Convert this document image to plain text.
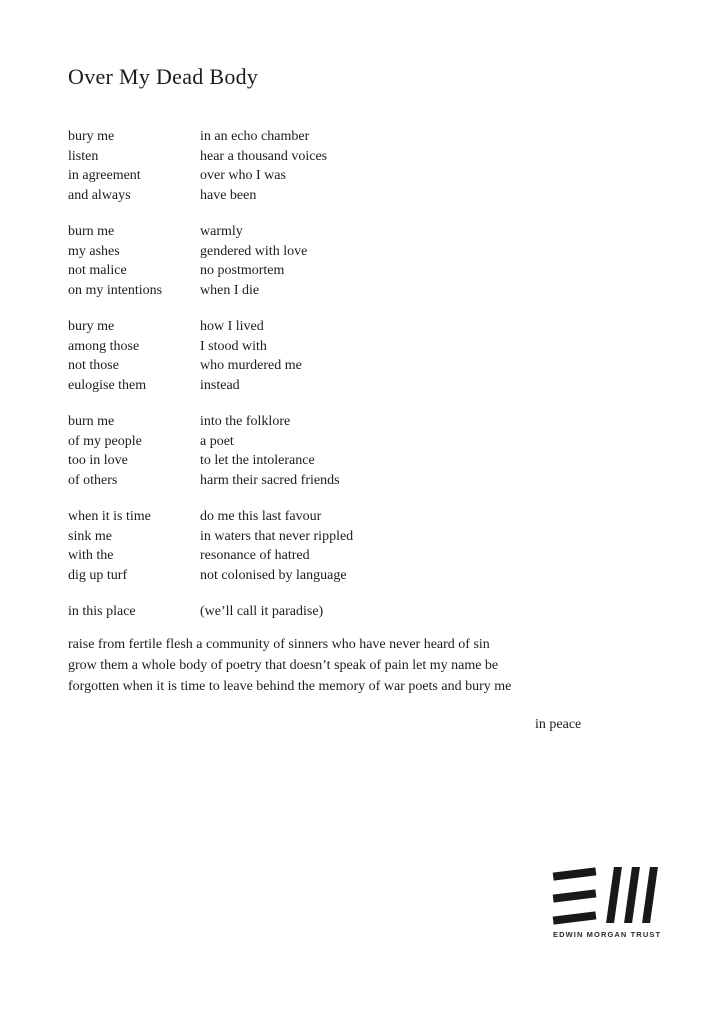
Over My Dead Body
bury me	in an echo chamber
listen	hear a thousand voices
in agreement	over who I was
and always	have been
burn me	warmly
my ashes	gendered with love
not malice	no postmortem
on my intentions	when I die
bury me	how I lived
among those	I stood with
not those	who murdered me
eulogise them	instead
burn me	into the folklore
of my people	a poet
too in love	to let the intolerance
of others	harm their sacred friends
when it is time	do me this last favour
sink me	in waters that never rippled
with the	resonance of hatred
dig up turf	not colonised by language
in this place	(we’ll call it paradise)
raise from fertile flesh a community of sinners who have never heard of sin
grow them a whole body of poetry that doesn’t speak of pain let my name be
forgotten when it is time to leave behind the memory of war poets and bury me
in peace
EDWIN MORGAN TRUST
